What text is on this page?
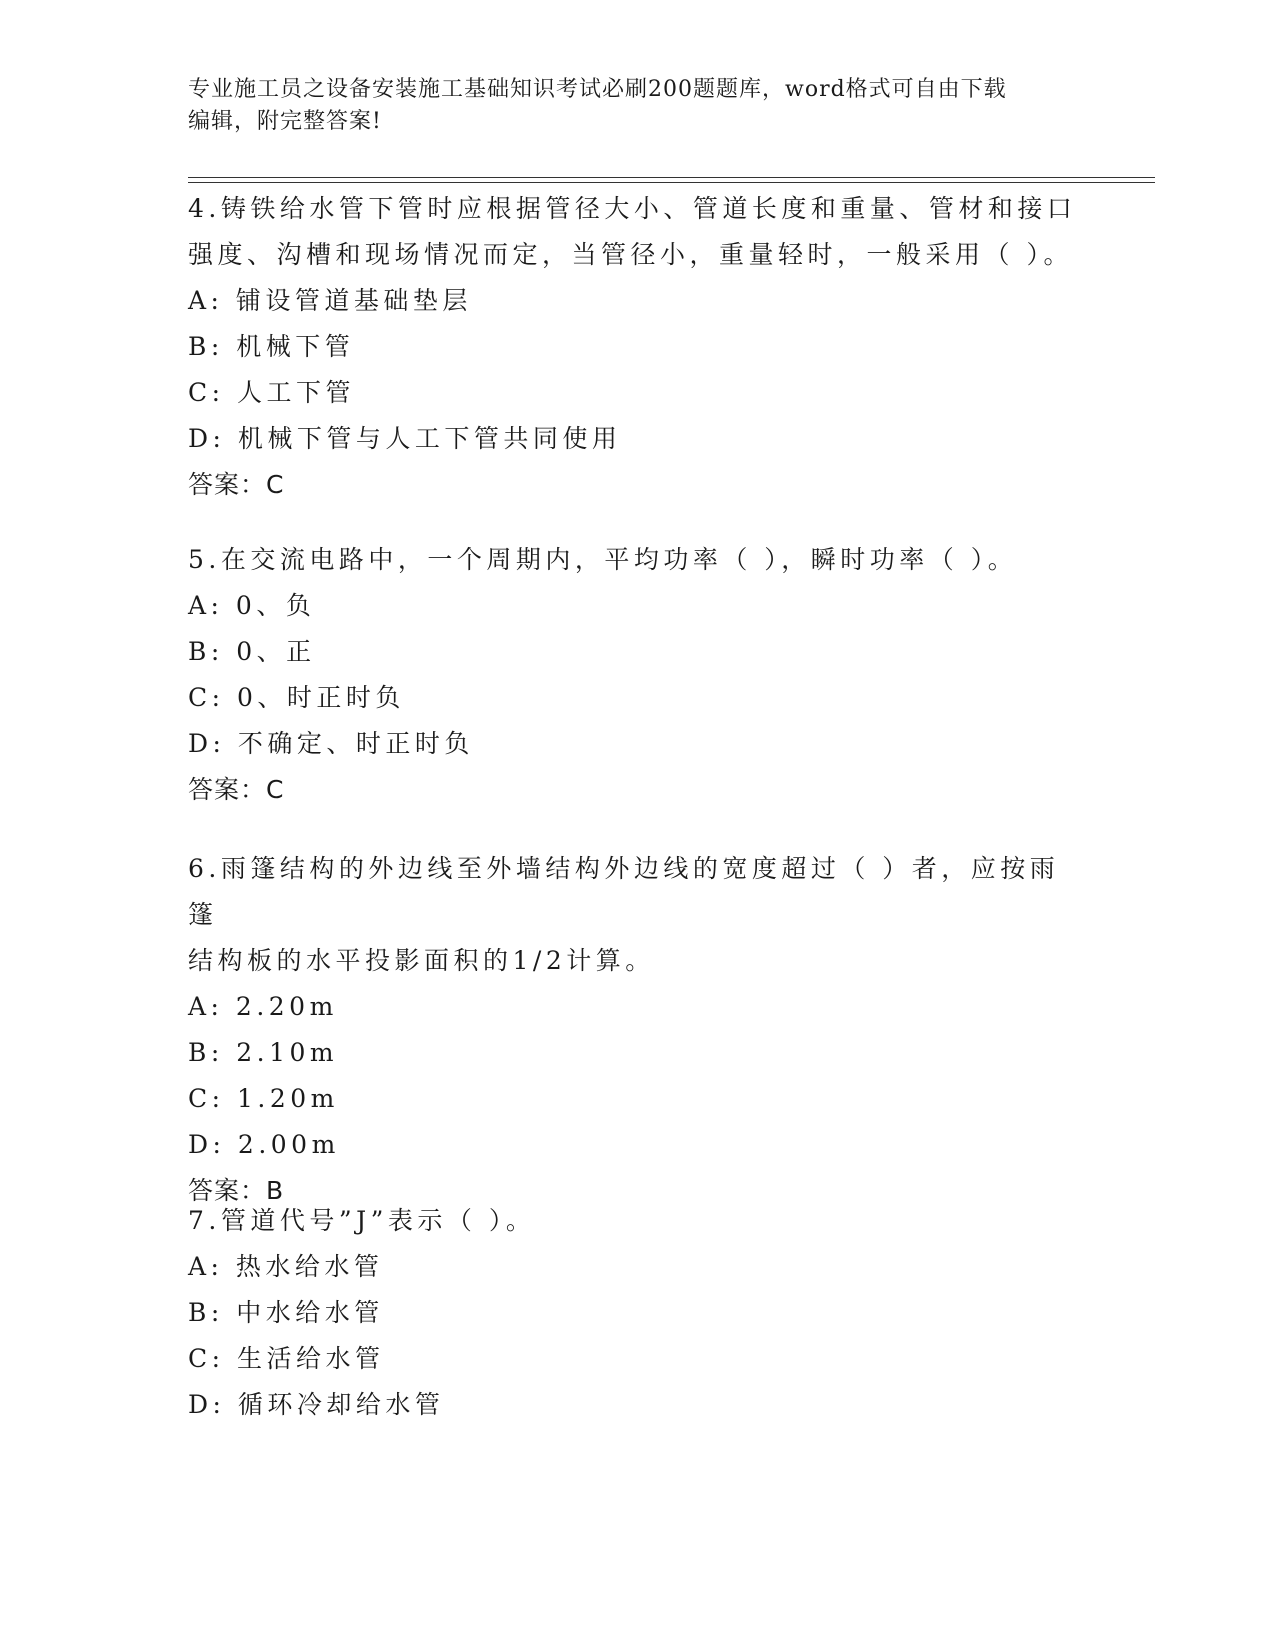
专业施工员之设备安装施工基础知识考试必刷200题题库，word格式可自由下载
编辑，附完整答案!

4.铸铁给水管下管时应根据管径大小、管道长度和重量、管材和接口

强度、沟槽和现场情况而定，当管径小，重量轻时，一般采用（ ）。

A: 铺设管道基础垫层

B: 机械下管

C: 人工下管

D: 机械下管与人工下管共同使用

答案：C

5.在交流电路中，一个周期内，平均功率（ ），瞬时功率（ ）。

A: 0、负

B: 0、正

C: 0、时正时负

D: 不确定、时正时负

答案：C

6.雨篷结构的外边线至外墙结构外边线的宽度超过（ ）者，应按雨篷

结构板的水平投影面积的1/2计算。

A: 2.20m

B: 2.10m

C: 1.20m

D: 2.00m

答案：B

7.管道代号”J”表示（ ）。

A: 热水给水管

B: 中水给水管

C: 生活给水管

D: 循环冷却给水管
